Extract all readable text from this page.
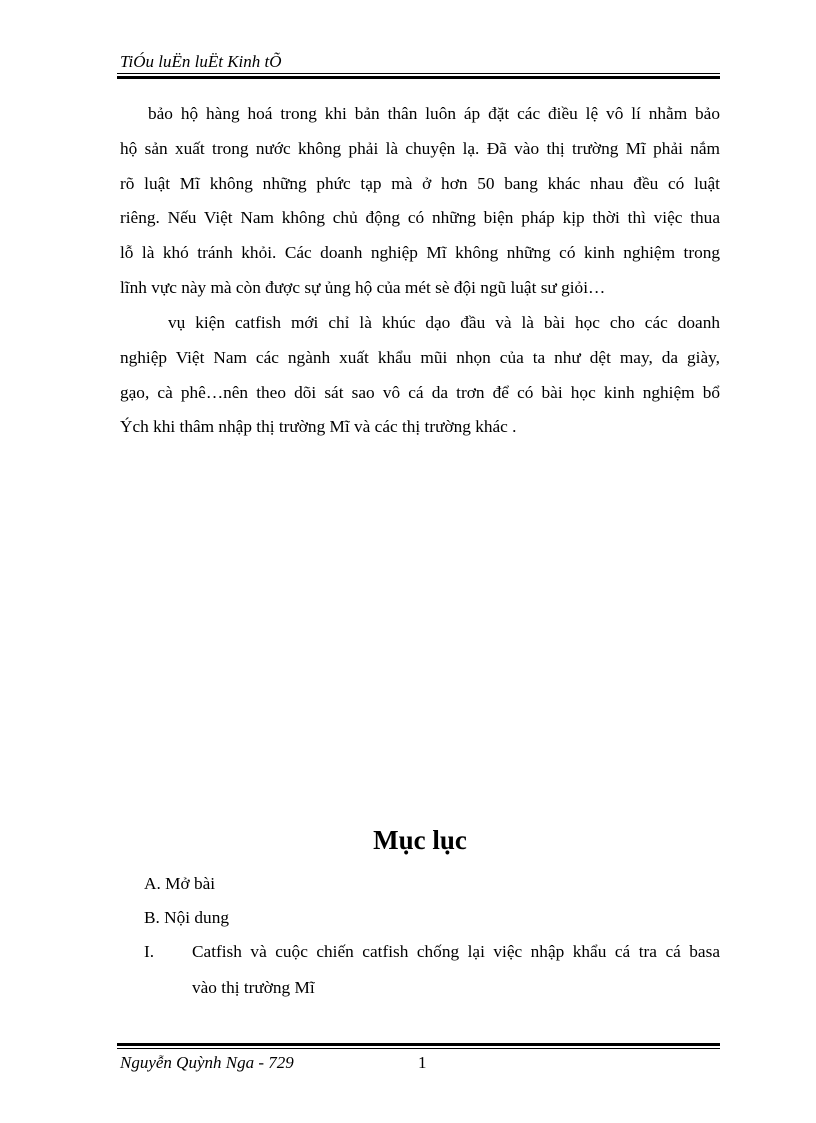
TiÓu luËn luËt Kinh tÕ
bảo hộ hàng hoá trong khi bản thân luôn áp đặt các điều lệ vô lí nhằm bảo
hộ sản xuất trong nước không phải là chuyện lạ. Đã vào thị trường Mĩ phải nắm
rõ luật Mĩ không những phức tạp mà ở hơn 50 bang khác nhau đều có luật
riêng. Nếu Việt Nam không chủ động có những biện pháp kịp thời thì việc thua
lỗ là khó tránh khỏi. Các doanh nghiệp Mĩ không những có kinh nghiệm trong
lĩnh vực này mà còn được sự ủng hộ của mét sè đội ngũ luật sư giỏi…
vụ kiện catfish mới chỉ là khúc dạo đầu và là bài học cho các doanh
nghiệp Việt Nam các ngành xuất khẩu mũi nhọn của ta như dệt may, da giày,
gạo, cà phê…nên theo dõi sát sao vô cá da trơn để có bài học kinh nghiệm bổ
Ých khi thâm nhập thị trường Mĩ và các thị trường khác .
Mục lục
A. Mở bài
B. Nội dung
I. Catfish và cuộc chiến catfish chống lại việc nhập khẩu cá tra cá basa
vào thị trường Mĩ
Nguyễn Quỳnh Nga - 729	1
